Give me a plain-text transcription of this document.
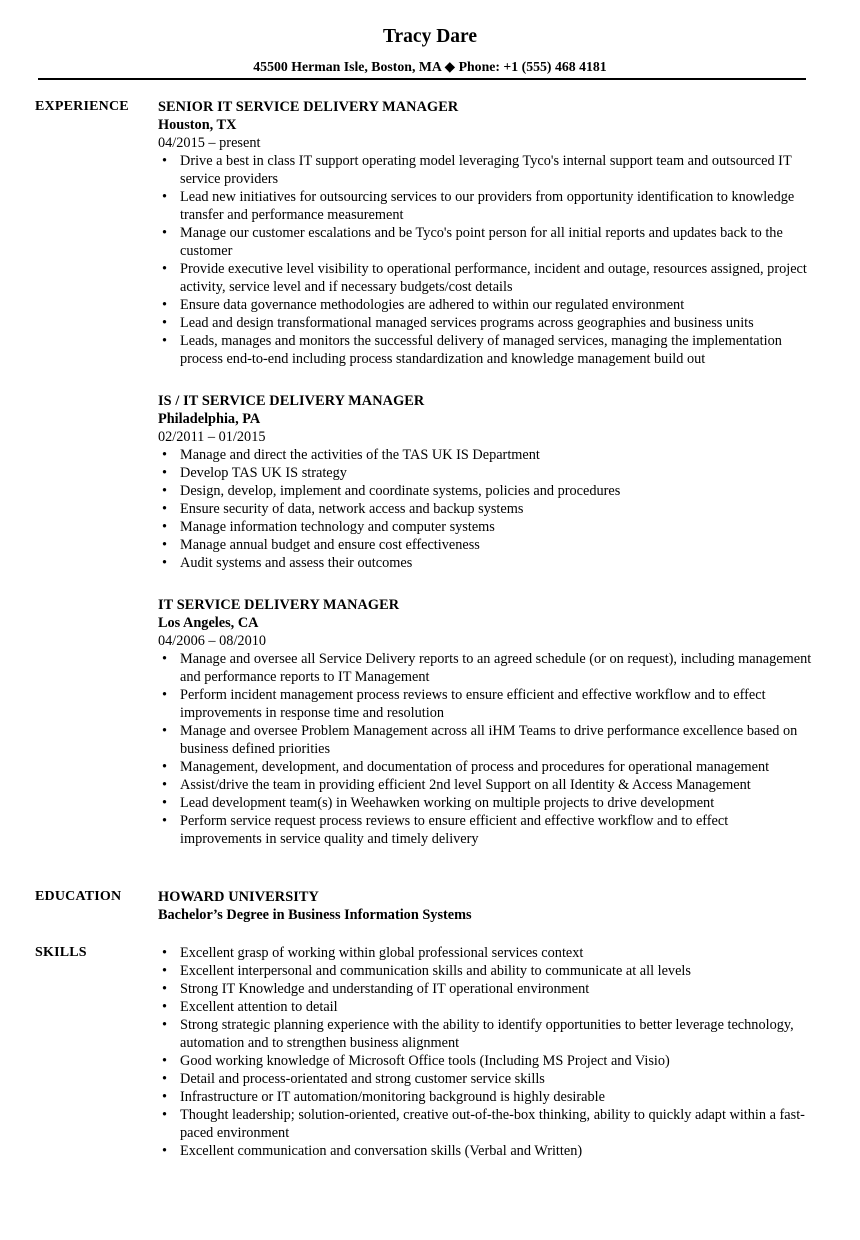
Tracy Dare
45500 Herman Isle, Boston, MA ◆ Phone: +1 (555) 468 4181
EXPERIENCE	SENIOR IT SERVICE DELIVERY MANAGER
Houston, TX
04/2015 – present
• Drive a best in class IT support operating model leveraging Tyco's internal support team and outsourced IT service providers
• Lead new initiatives for outsourcing services to our providers from opportunity identification to knowledge transfer and performance measurement
• Manage our customer escalations and be Tyco's point person for all initial reports and updates back to the customer
• Provide executive level visibility to operational performance, incident and outage, resources assigned, project activity, service level and if necessary budgets/cost details
• Ensure data governance methodologies are adhered to within our regulated environment
• Lead and design transformational managed services programs across geographies and business units
• Leads, manages and monitors the successful delivery of managed services, managing the implementation process end-to-end including process standardization and knowledge management build out
IS / IT SERVICE DELIVERY MANAGER
Philadelphia, PA
02/2011 – 01/2015
• Manage and direct the activities of the TAS UK IS Department
• Develop TAS UK IS strategy
• Design, develop, implement and coordinate systems, policies and procedures
• Ensure security of data, network access and backup systems
• Manage information technology and computer systems
• Manage annual budget and ensure cost effectiveness
• Audit systems and assess their outcomes
IT SERVICE DELIVERY MANAGER
Los Angeles, CA
04/2006 – 08/2010
• Manage and oversee all Service Delivery reports to an agreed schedule (or on request), including management and performance reports to IT Management
• Perform incident management process reviews to ensure efficient and effective workflow and to effect improvements in response time and resolution
• Manage and oversee Problem Management across all iHM Teams to drive performance excellence based on business defined priorities
• Management, development, and documentation of process and procedures for operational management
• Assist/drive the team in providing efficient 2nd level Support on all Identity & Access Management
• Lead development team(s) in Weehawken working on multiple projects to drive development
• Perform service request process reviews to ensure efficient and effective workflow and to effect improvements in service quality and timely delivery
EDUCATION	HOWARD UNIVERSITY
Bachelor’s Degree in Business Information Systems
SKILLS	• Excellent grasp of working within global professional services context
• Excellent interpersonal and communication skills and ability to communicate at all levels
• Strong IT Knowledge and understanding of IT operational environment
• Excellent attention to detail
• Strong strategic planning experience with the ability to identify opportunities to better leverage technology, automation and to strengthen business alignment
• Good working knowledge of Microsoft Office tools (Including MS Project and Visio)
• Detail and process-orientated and strong customer service skills
• Infrastructure or IT automation/monitoring background is highly desirable
• Thought leadership; solution-oriented, creative out-of-the-box thinking, ability to quickly adapt within a fast-paced environment
• Excellent communication and conversation skills (Verbal and Written)
